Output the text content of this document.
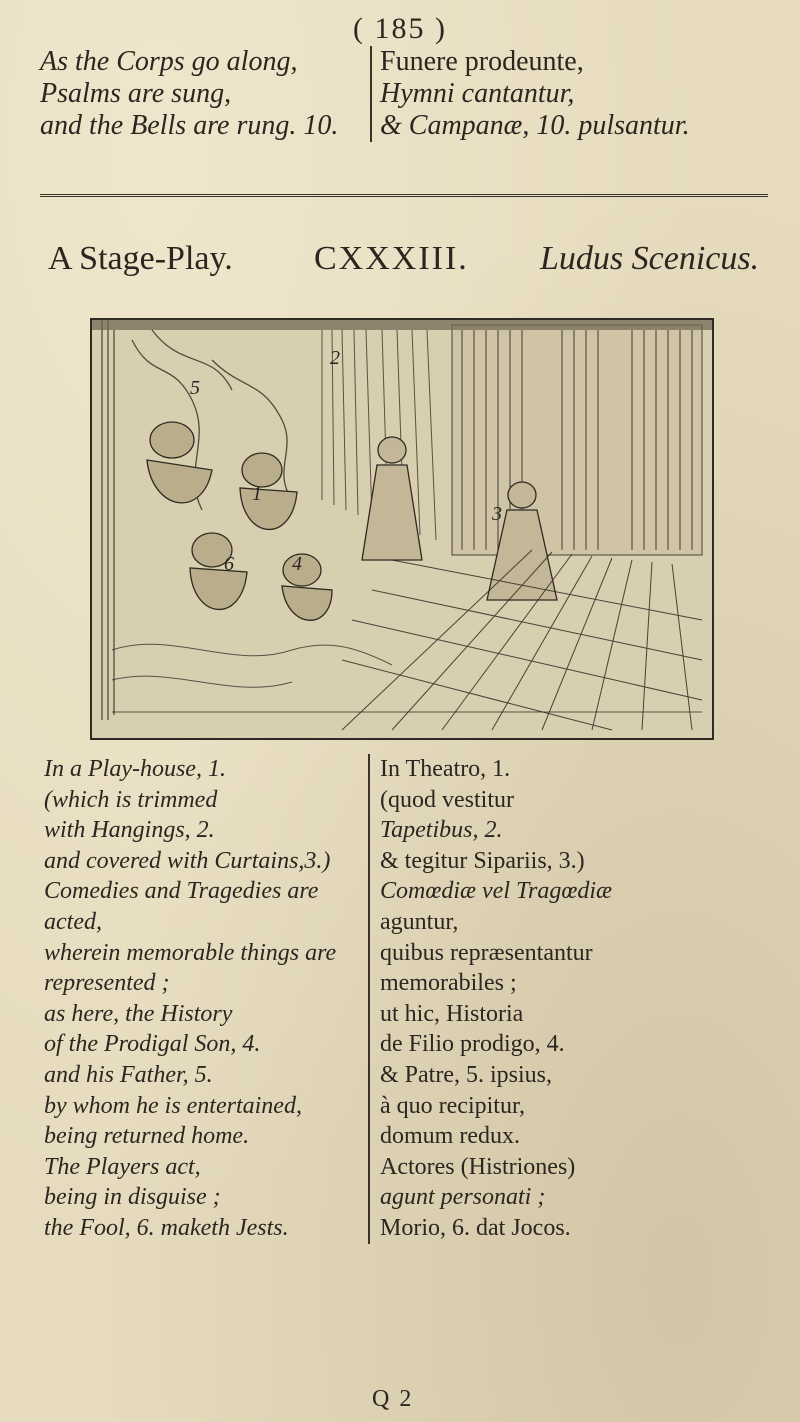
( 185 )
As the Corps go along,
Psalms are sung,
and the Bells are rung. 10.
Funere prodeunte,
Hymni cantantur,
& Campanæ, 10. pulsantur.
A Stage-Play. CXXXIII. Ludus Scenicus.
2
5
1
6	4
3
In a Play-house, 1.
(which is trimmed
with Hangings, 2.
and covered with Curtains,3.)
Comedies and Tragedies are
acted,
wherein memorable things are
represented ;
as here, the History
of the Prodigal Son, 4.
and his Father, 5.
by whom he is entertained,
being returned home.
The Players act,
being in disguise ;
the Fool, 6. maketh Jests.
In Theatro, 1.
(quod vestitur
Tapetibus, 2.
& tegitur Sipariis, 3.)
Comœdiæ vel Tragœdiæ
aguntur,
quibus repræsentantur
memorabiles ;
ut hic, Historia
de Filio prodigo, 4.
& Patre, 5. ipsius,
à quo recipitur,
domum redux.
Actores (Histriones)
agunt personati ;
Morio, 6. dat Jocos.
Q 2
